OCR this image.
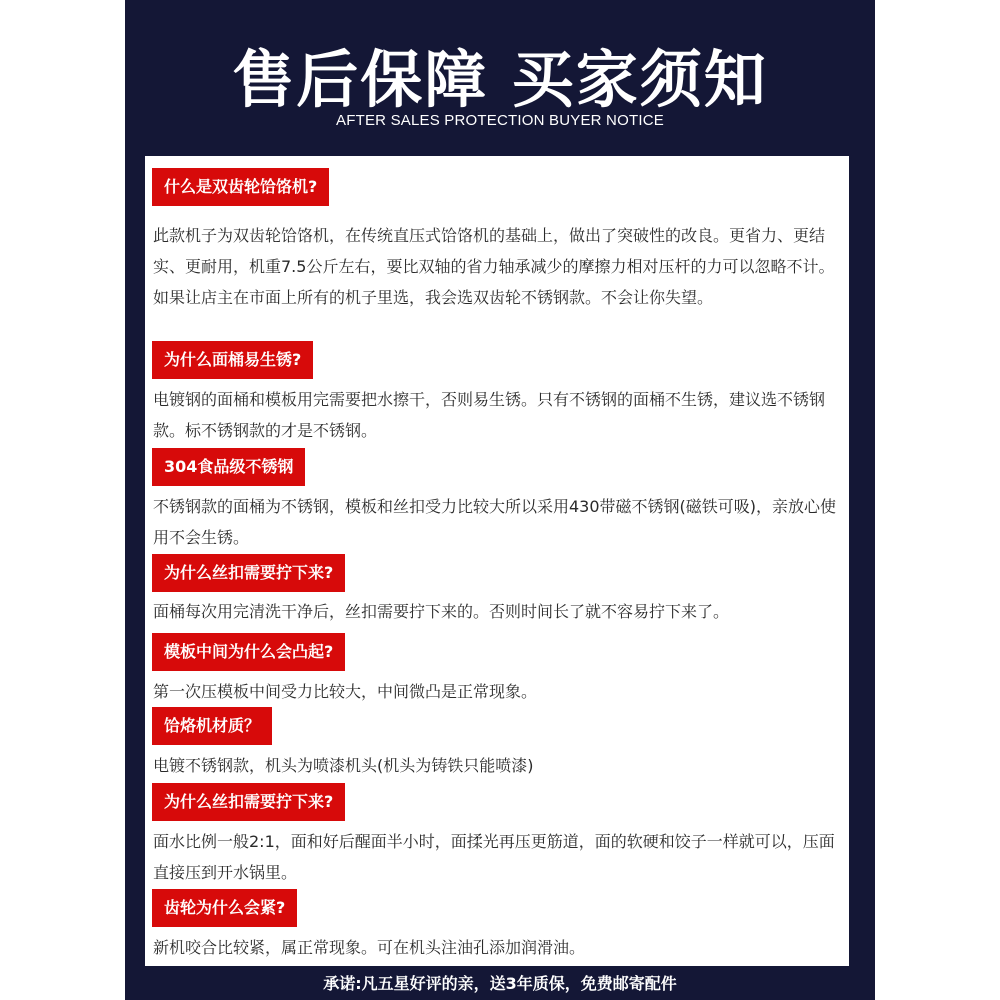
售后保障 买家须知
AFTER SALES PROTECTION BUYER NOTICE
什么是双齿轮饸饹机?
此款机子为双齿轮饸饹机，在传统直压式饸饹机的基础上，做出了突破性的改良。更省力、更结实、更耐用，机重7.5公斤左右，要比双轴的省力轴承减少的摩擦力相对压杆的力可以忽略不计。如果让店主在市面上所有的机子里选，我会选双齿轮不锈钢款。不会让你失望。
为什么面桶易生锈?
电镀钢的面桶和模板用完需要把水擦干，否则易生锈。只有不锈钢的面桶不生锈，建议选不锈钢款。标不锈钢款的才是不锈钢。
304食品级不锈钢
不锈钢款的面桶为不锈钢，模板和丝扣受力比较大所以采用430带磁不锈钢(磁铁可吸)，亲放心使用不会生锈。
为什么丝扣需要拧下来?
面桶每次用完清洗干净后，丝扣需要拧下来的。否则时间长了就不容易拧下来了。
模板中间为什么会凸起?
第一次压模板中间受力比较大，中间微凸是正常现象。
饸烙机材质？
电镀不锈钢款，机头为喷漆机头(机头为铸铁只能喷漆)
为什么丝扣需要拧下来?
面水比例一般2:1，面和好后醒面半小时，面揉光再压更筋道，面的软硬和饺子一样就可以，压面直接压到开水锅里。
齿轮为什么会紧?
新机咬合比较紧，属正常现象。可在机头注油孔添加润滑油。
承诺:凡五星好评的亲，送3年质保，免费邮寄配件
